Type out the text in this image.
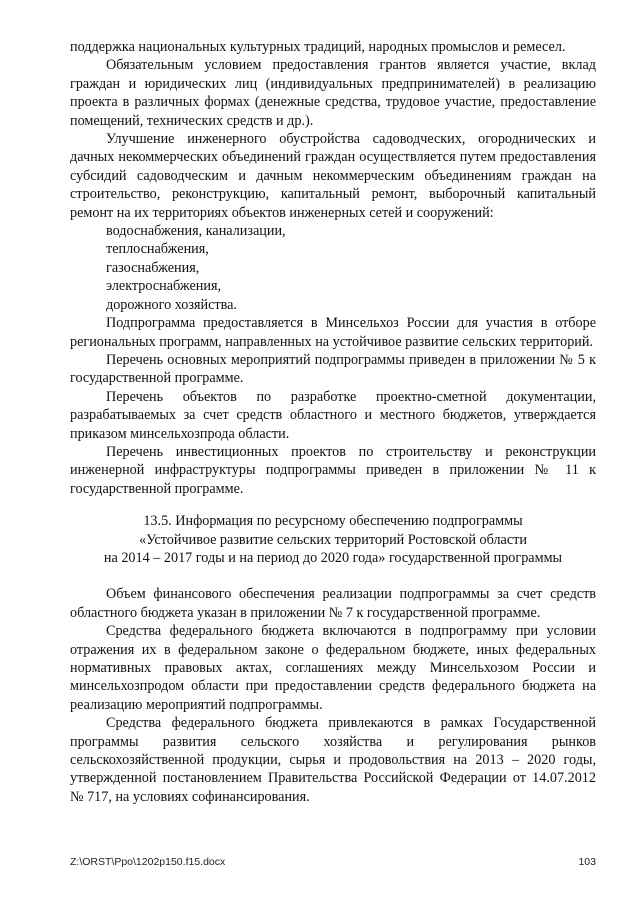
поддержка национальных культурных традиций, народных промыслов и ремесел.

Обязательным условием предоставления грантов является участие, вклад граждан и юридических лиц (индивидуальных предпринимателей) в реализацию проекта в различных формах (денежные средства, трудовое участие, предоставление помещений, технических средств и др.).

Улучшение инженерного обустройства садоводческих, огороднических и дачных некоммерческих объединений граждан осуществляется путем предоставления субсидий садоводческим и дачным некоммерческим объединениям граждан на строительство, реконструкцию, капитальный ремонт, выборочный капитальный ремонт на их территориях объектов инженерных сетей и сооружений:

водоснабжения, канализации,
теплоснабжения,
газоснабжения,
электроснабжения,
дорожного хозяйства.

Подпрограмма предоставляется в Минсельхоз России для участия в отборе региональных программ, направленных на устойчивое развитие сельских территорий.

Перечень основных мероприятий подпрограммы приведен в приложении № 5 к государственной программе.

Перечень объектов по разработке проектно-сметной документации, разрабатываемых за счет средств областного и местного бюджетов, утверждается приказом минсельхозпрода области.

Перечень инвестиционных проектов по строительству и реконструкции инженерной инфраструктуры подпрограммы приведен в приложении № 11 к государственной программе.

13.5. Информация по ресурсному обеспечению подпрограммы
«Устойчивое развитие сельских территорий Ростовской области
на 2014 – 2017 годы и на период до 2020 года» государственной программы

Объем финансового обеспечения реализации подпрограммы за счет средств областного бюджета указан в приложении № 7 к государственной программе.

Средства федерального бюджета включаются в подпрограмму при условии отражения их в федеральном законе о федеральном бюджете, иных федеральных нормативных правовых актах, соглашениях между Минсельхозом России и минсельхозпродом области при предоставлении средств федерального бюджета на реализацию мероприятий подпрограммы.

Средства федерального бюджета привлекаются в рамках Государственной программы развития сельского хозяйства и регулирования рынков сельскохозяйственной продукции, сырья и продовольствия на 2013 – 2020 годы, утвержденной постановлением Правительства Российской Федерации от 14.07.2012 № 717, на условиях софинансирования.

Z:\ORST\Ppo\1202p150.f15.docx	103
